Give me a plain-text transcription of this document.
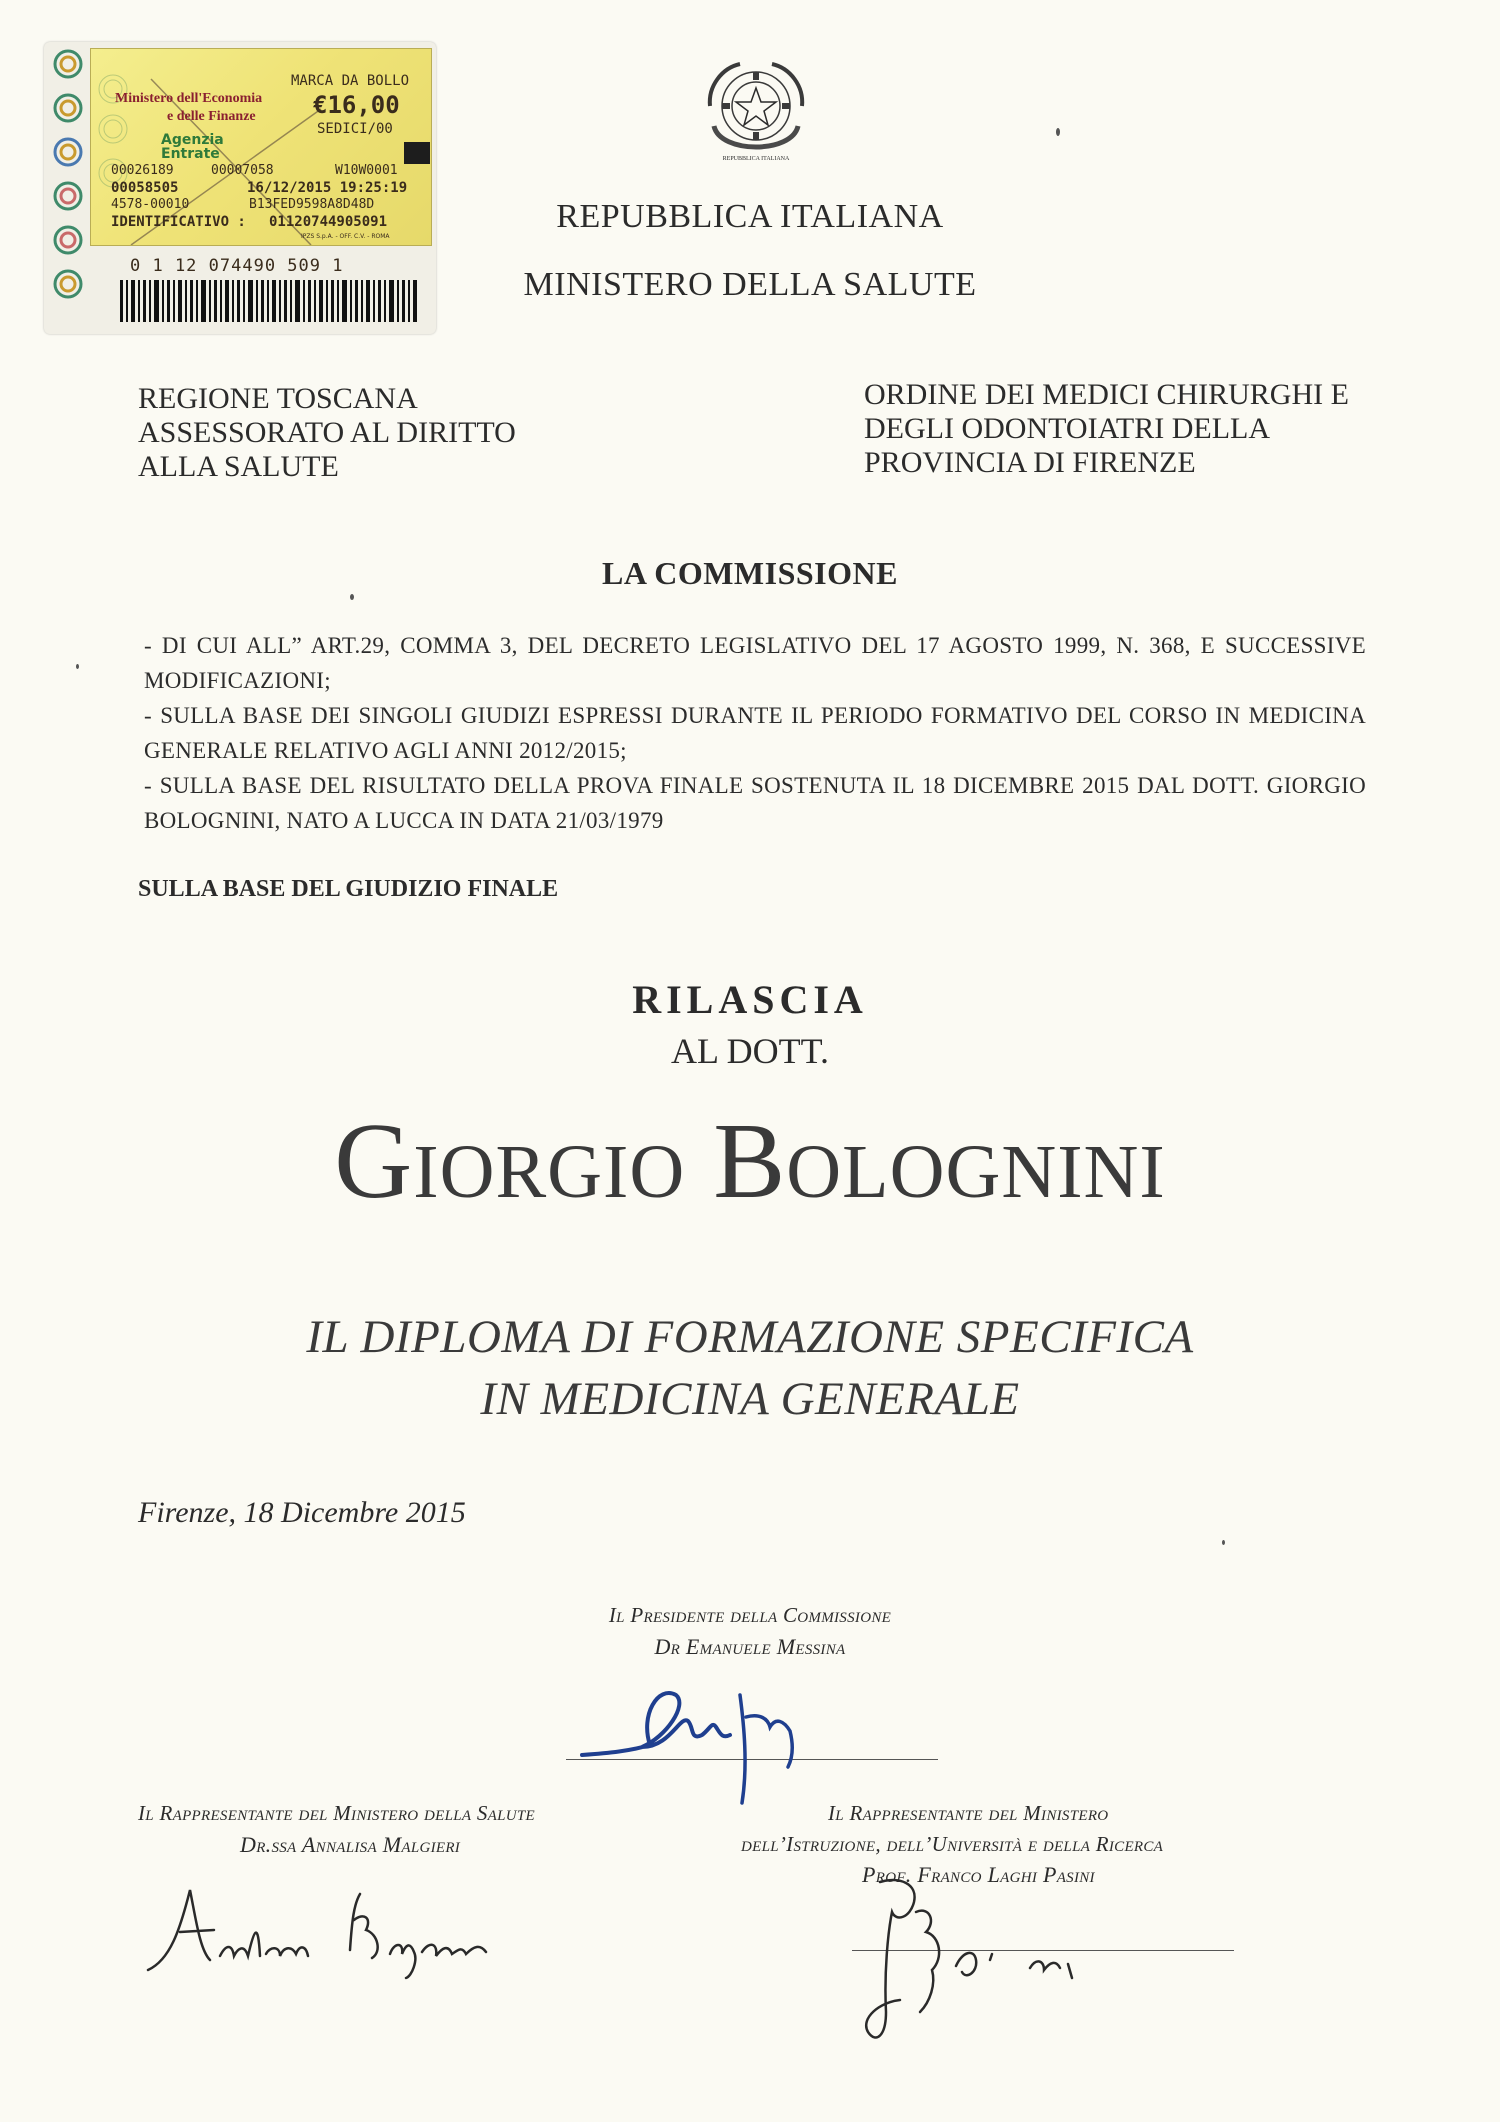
Ministero dell'Economia
e delle Finanze
MARCA DA BOLLO
€16,00
SEDICI/00
Agenzia Entrate
00026189	00007058	W10W0001
00058505	16/12/2015 19:25:19
4578-00010	B13FED9598A8D48D
IDENTIFICATIVO : 01120744905091
IPZS S.p.A. - OFF. C.V. - ROMA
0 1 12 074490 509 1
REPUBBLICA ITALIANA
REPUBBLICA ITALIANA
MINISTERO DELLA SALUTE
REGIONE TOSCANA
ASSESSORATO AL DIRITTO
ALLA SALUTE
ORDINE DEI MEDICI CHIRURGHI E
DEGLI ODONTOIATRI DELLA
PROVINCIA DI FIRENZE
LA COMMISSIONE
- DI CUI ALL” ART.29, COMMA 3, DEL DECRETO LEGISLATIVO DEL 17 AGOSTO 1999, N. 368, E SUCCESSIVE MODIFICAZIONI;
- SULLA BASE DEI SINGOLI GIUDIZI ESPRESSI DURANTE IL PERIODO FORMATIVO DEL CORSO IN MEDICINA GENERALE RELATIVO AGLI ANNI 2012/2015;
- SULLA BASE DEL RISULTATO DELLA PROVA FINALE SOSTENUTA IL 18 DICEMBRE 2015 DAL DOTT. GIORGIO BOLOGNINI, NATO A LUCCA IN DATA 21/03/1979
SULLA BASE DEL GIUDIZIO FINALE
RILASCIA
AL DOTT.
Giorgio Bolognini
IL DIPLOMA DI FORMAZIONE SPECIFICA
IN MEDICINA GENERALE
Firenze, 18 Dicembre 2015
Il Presidente della Commissione
Dr Emanuele Messina
Il Rappresentante del Ministero della Salute
Dr.ssa Annalisa Malgieri
Il Rappresentante del Ministero
dell’Istruzione, dell’Università e della Ricerca
Prof. Franco Laghi Pasini
